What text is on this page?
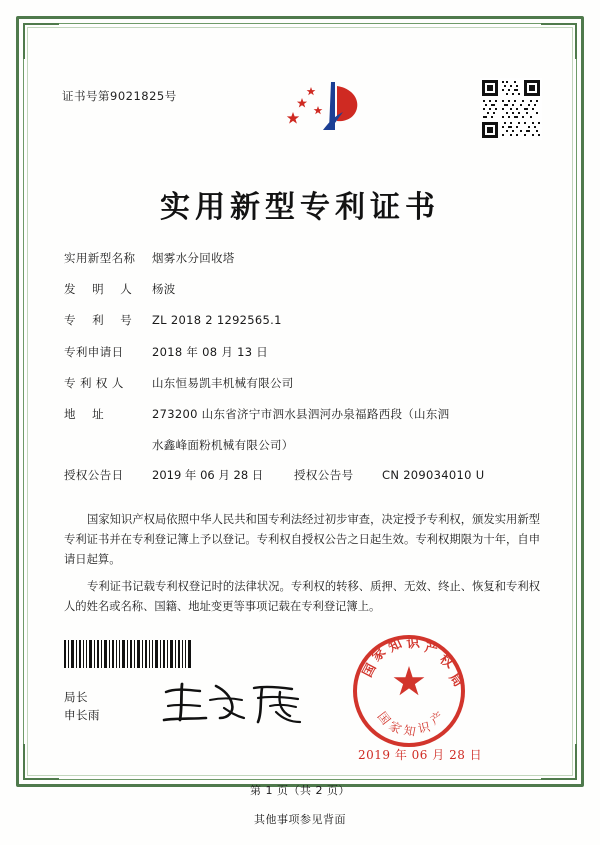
证书号第9021825号
实用新型专利证书
实用新型名称	烟雾水分回收塔
发 明 人	杨波
专 利 号	ZL 2018 2 1292565.1
专利申请日	2018 年 08 月 13 日
专 利 权 人	山东恒易凯丰机械有限公司
地 址	273200 山东省济宁市泗水县泗河办泉福路西段（山东泗
水鑫峰面粉机械有限公司）
授权公告日	2019 年 06 月 28 日	授权公告号	CN 209034010 U

国家知识产权局依照中华人民共和国专利法经过初步审查，决定授予专利权，颁发实用新型专利证书并在专利登记簿上予以登记。专利权自授权公告之日起生效。专利权期限为十年，自申请日起算。

专利证书记载专利权登记时的法律状况。专利权的转移、质押、无效、终止、恢复和专利权人的姓名或名称、国籍、地址变更等事项记载在专利登记簿上。

局长
申长雨
国
家
知 识 产
权
局
国
家
知 识
产
2019 年 06 月 28 日
第 1 页（共 2 页）
其他事项参见背面
